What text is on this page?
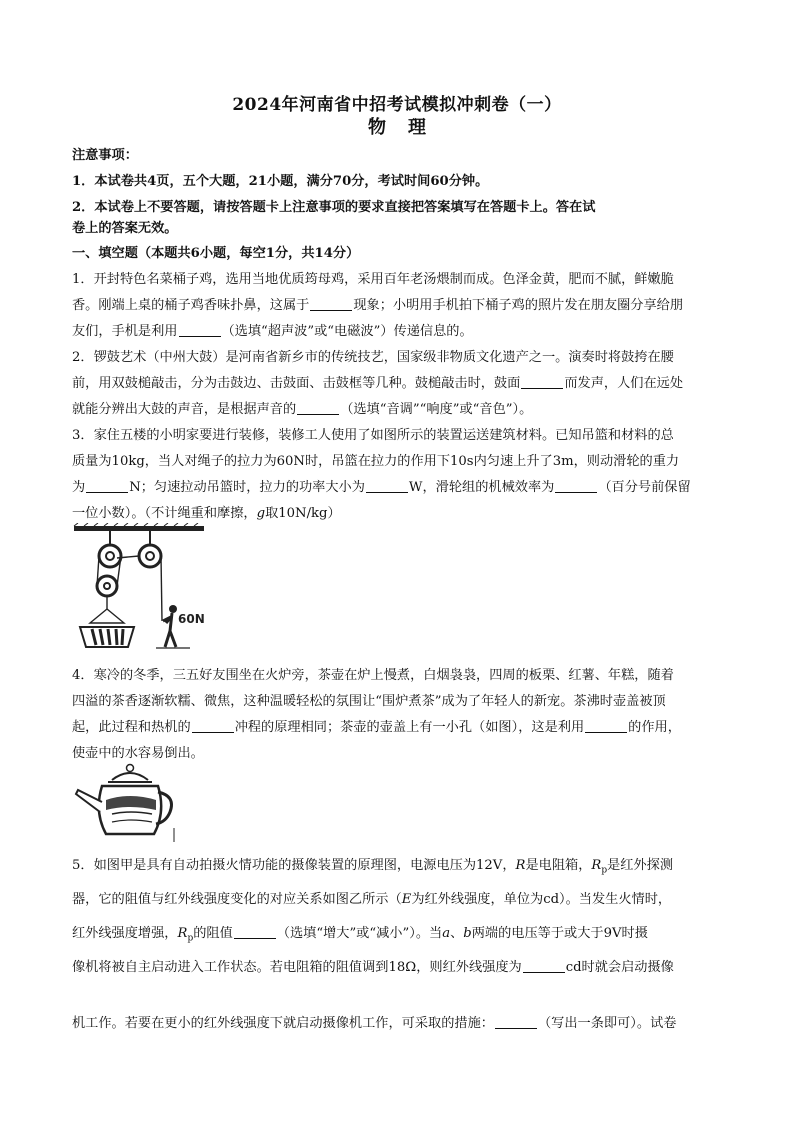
2024年河南省中招考试模拟冲刺卷（一）
物理
注意事项：
1．本试卷共4页，五个大题，21小题，满分70分，考试时间60分钟。
2．本试卷上不要答题，请按答题卡上注意事项的要求直接把答案填写在答题卡上。答在试
卷上的答案无效。
一、填空题（本题共6小题，每空1分，共14分）
1．开封特色名菜桶子鸡，选用当地优质筠母鸡，采用百年老汤煨制而成。色泽金黄，肥而不腻，鲜嫩脆
香。刚端上桌的桶子鸡香味扑鼻，这属于	现象；小明用手机拍下桶子鸡的照片发在朋友圈分享给朋
友们，手机是利用	（选填“超声波”或“电磁波”）传递信息的。
2．锣鼓艺术（中州大鼓）是河南省新乡市的传统技艺，国家级非物质文化遗产之一。演奏时将鼓挎在腰
前，用双鼓槌敲击，分为击鼓边、击鼓面、击鼓框等几种。鼓槌敲击时，鼓面	而发声，人们在远处
就能分辨出大鼓的声音，是根据声音的	（选填“音调”“响度”或“音色”）。
3．家住五楼的小明家要进行装修，装修工人使用了如图所示的装置运送建筑材料。已知吊篮和材料的总
质量为10kg，当人对绳子的拉力为60N时，吊篮在拉力的作用下10s内匀速上升了3m，则动滑轮的重力
为	N；匀速拉动吊篮时，拉力的功率大小为	W，滑轮组的机械效率为	（百分号前保留
一位小数）。（不计绳重和摩擦，g取10N/kg）
60N
4．寒冷的冬季，三五好友围坐在火炉旁，茶壶在炉上慢煮，白烟袅袅，四周的板栗、红薯、年糕，随着
四溢的茶香逐渐软糯、微焦，这种温暖轻松的氛围让“围炉煮茶”成为了年轻人的新宠。茶沸时壶盖被顶
起，此过程和热机的	冲程的原理相同；茶壶的壶盖上有一小孔（如图），这是利用	的作用，
使壶中的水容易倒出。
5．如图甲是具有自动拍摄火情功能的摄像装置的原理图，电源电压为12V，R是电阻箱，$R_p$是红外探测
器，它的阻值与红外线强度变化的对应关系如图乙所示（E为红外线强度，单位为cd）。当发生火情时，
红外线强度增强，$R_p$的阻值	（选填“增大”或“减小”）。当a、b两端的电压等于或大于9V时摄
像机将被自主启动进入工作状态。若电阻箱的阻值调到18Ω，则红外线强度为	cd时就会启动摄像
机工作。若要在更小的红外线强度下就启动摄像机工作，可采取的措施：	（写出一条即可）。试卷
